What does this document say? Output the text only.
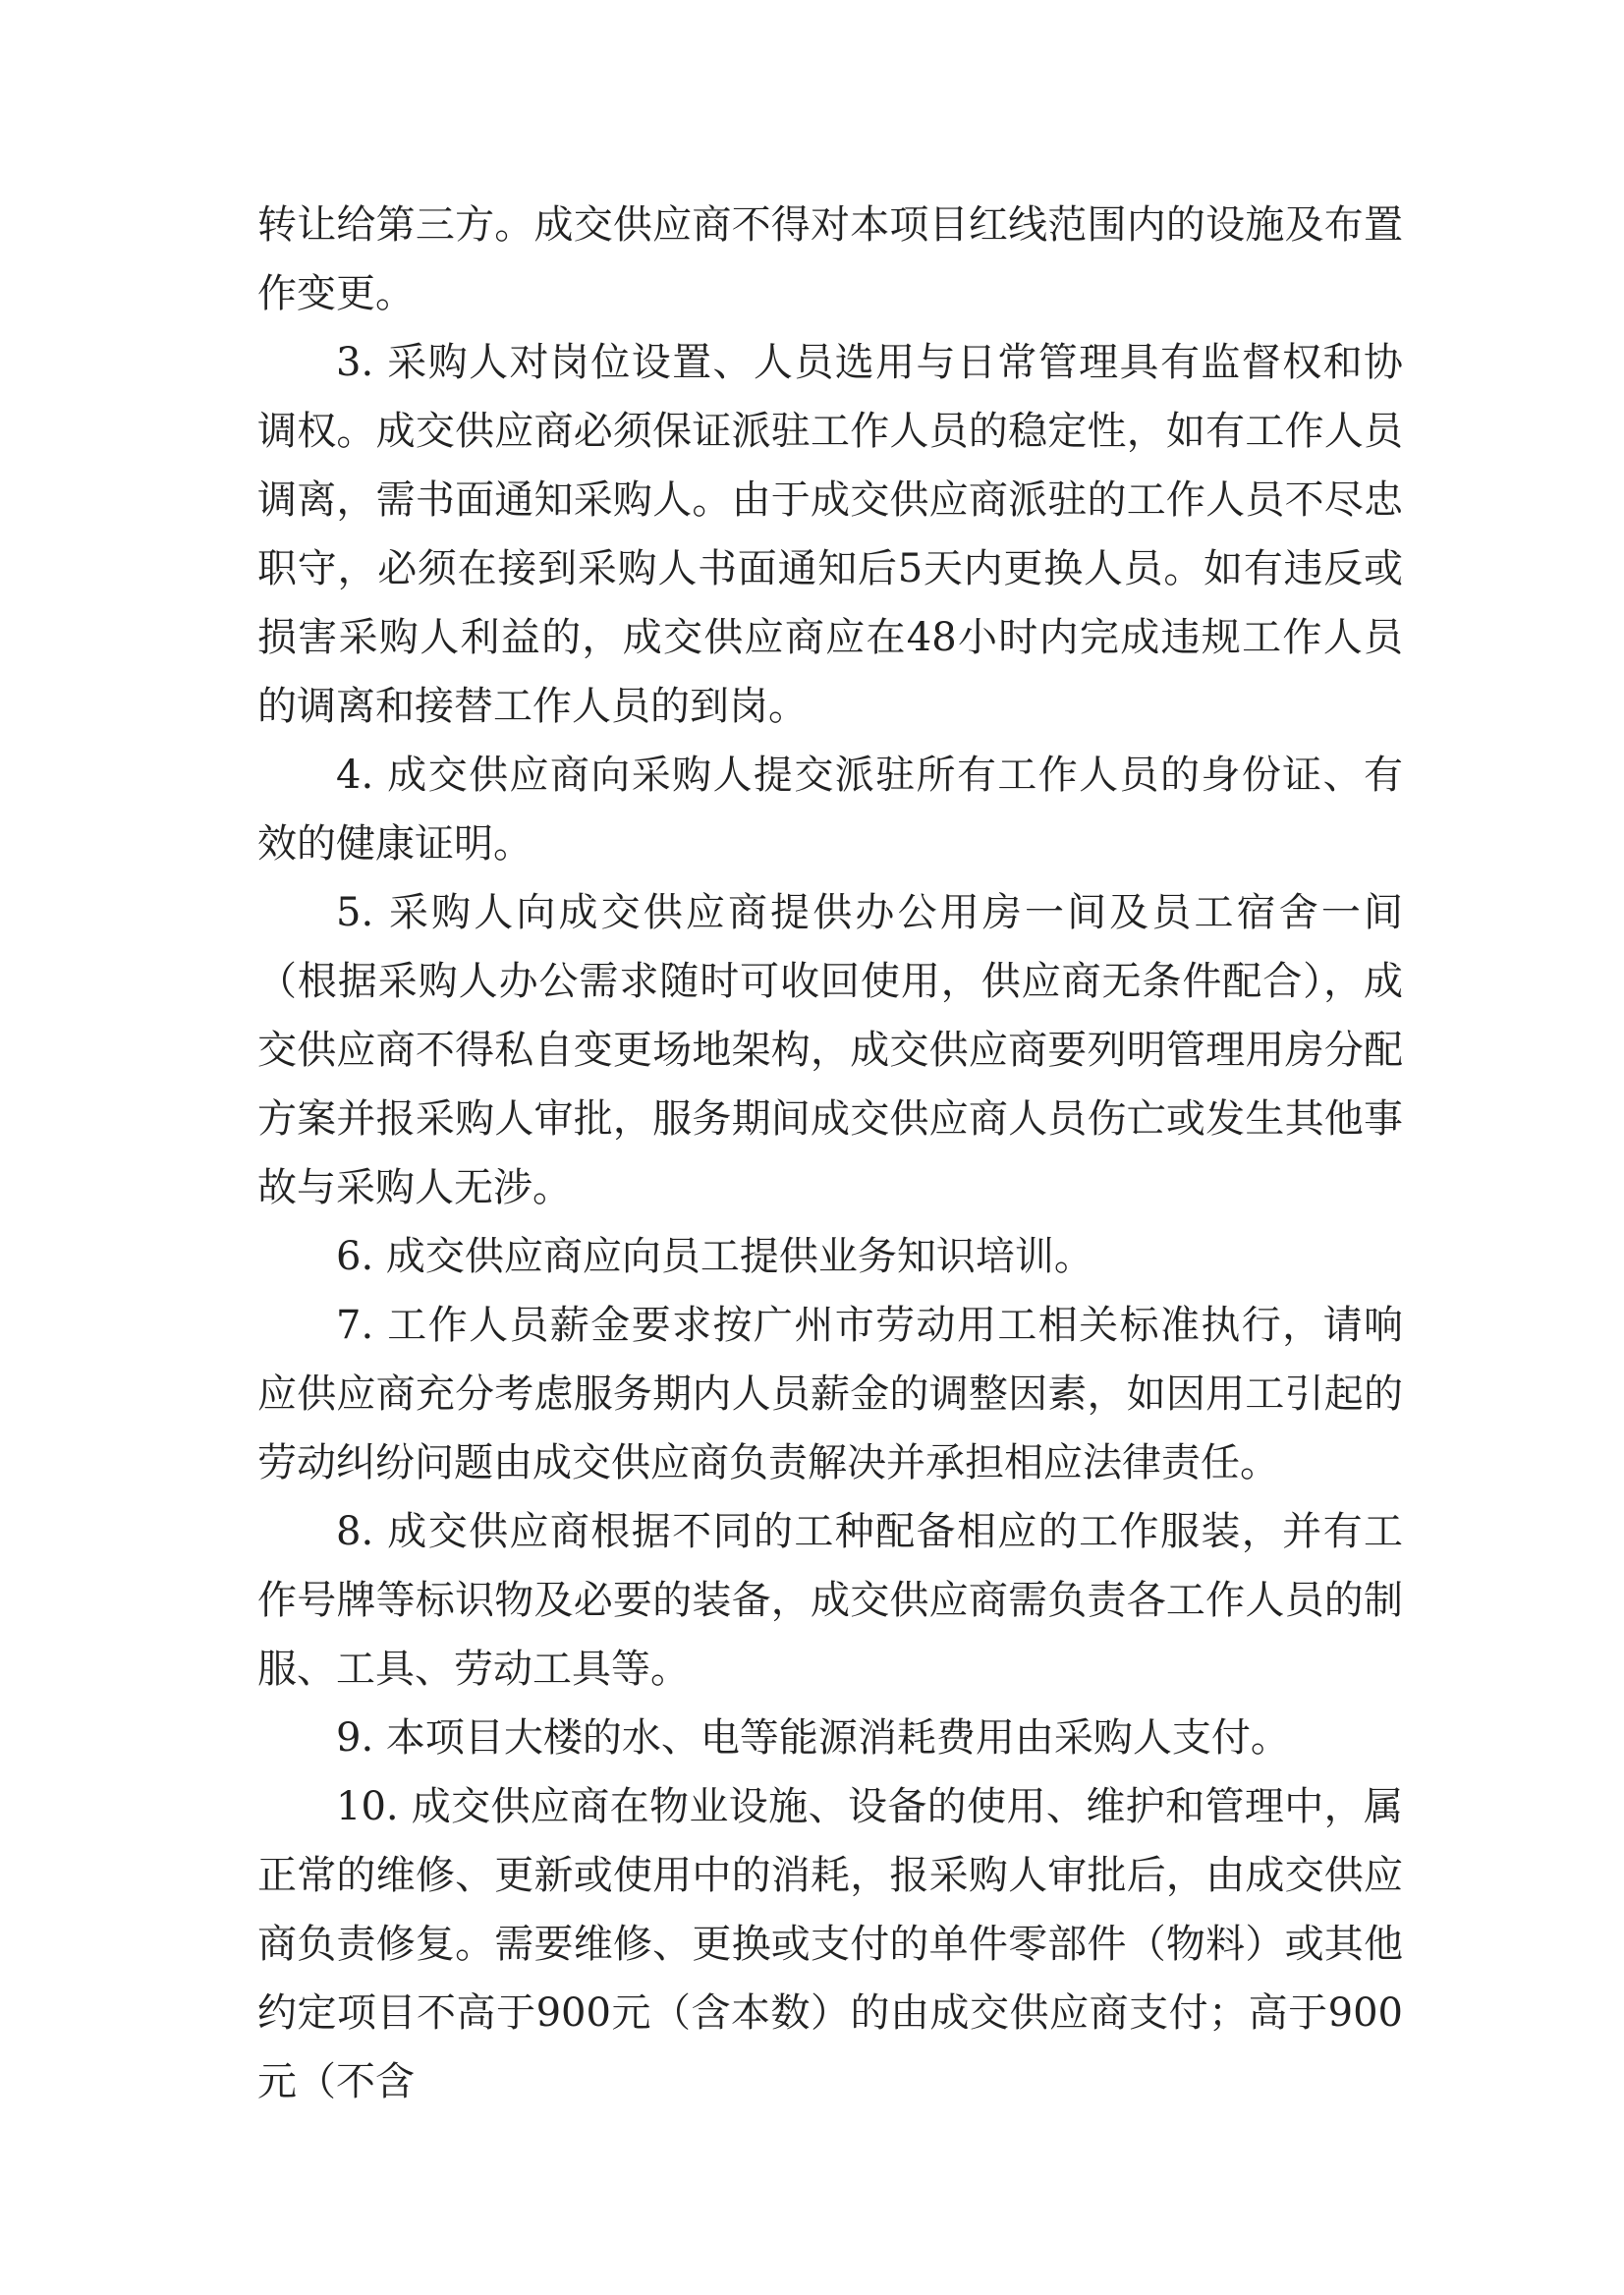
转让给第三方。成交供应商不得对本项目红线范围内的设施及布置作变更。

3. 采购人对岗位设置、人员选用与日常管理具有监督权和协调权。成交供应商必须保证派驻工作人员的稳定性，如有工作人员调离，需书面通知采购人。由于成交供应商派驻的工作人员不尽忠职守，必须在接到采购人书面通知后5天内更换人员。如有违反或损害采购人利益的，成交供应商应在48小时内完成违规工作人员的调离和接替工作人员的到岗。

4. 成交供应商向采购人提交派驻所有工作人员的身份证、有效的健康证明。

5. 采购人向成交供应商提供办公用房一间及员工宿舍一间（根据采购人办公需求随时可收回使用，供应商无条件配合），成交供应商不得私自变更场地架构，成交供应商要列明管理用房分配方案并报采购人审批，服务期间成交供应商人员伤亡或发生其他事故与采购人无涉。

6. 成交供应商应向员工提供业务知识培训。

7. 工作人员薪金要求按广州市劳动用工相关标准执行，请响应供应商充分考虑服务期内人员薪金的调整因素，如因用工引起的劳动纠纷问题由成交供应商负责解决并承担相应法律责任。

8. 成交供应商根据不同的工种配备相应的工作服装，并有工作号牌等标识物及必要的装备，成交供应商需负责各工作人员的制服、工具、劳动工具等。

9. 本项目大楼的水、电等能源消耗费用由采购人支付。

10. 成交供应商在物业设施、设备的使用、维护和管理中，属正常的维修、更新或使用中的消耗，报采购人审批后，由成交供应商负责修复。需要维修、更换或支付的单件零部件（物料）或其他约定项目不高于900元（含本数）的由成交供应商支付；高于900元（不含
